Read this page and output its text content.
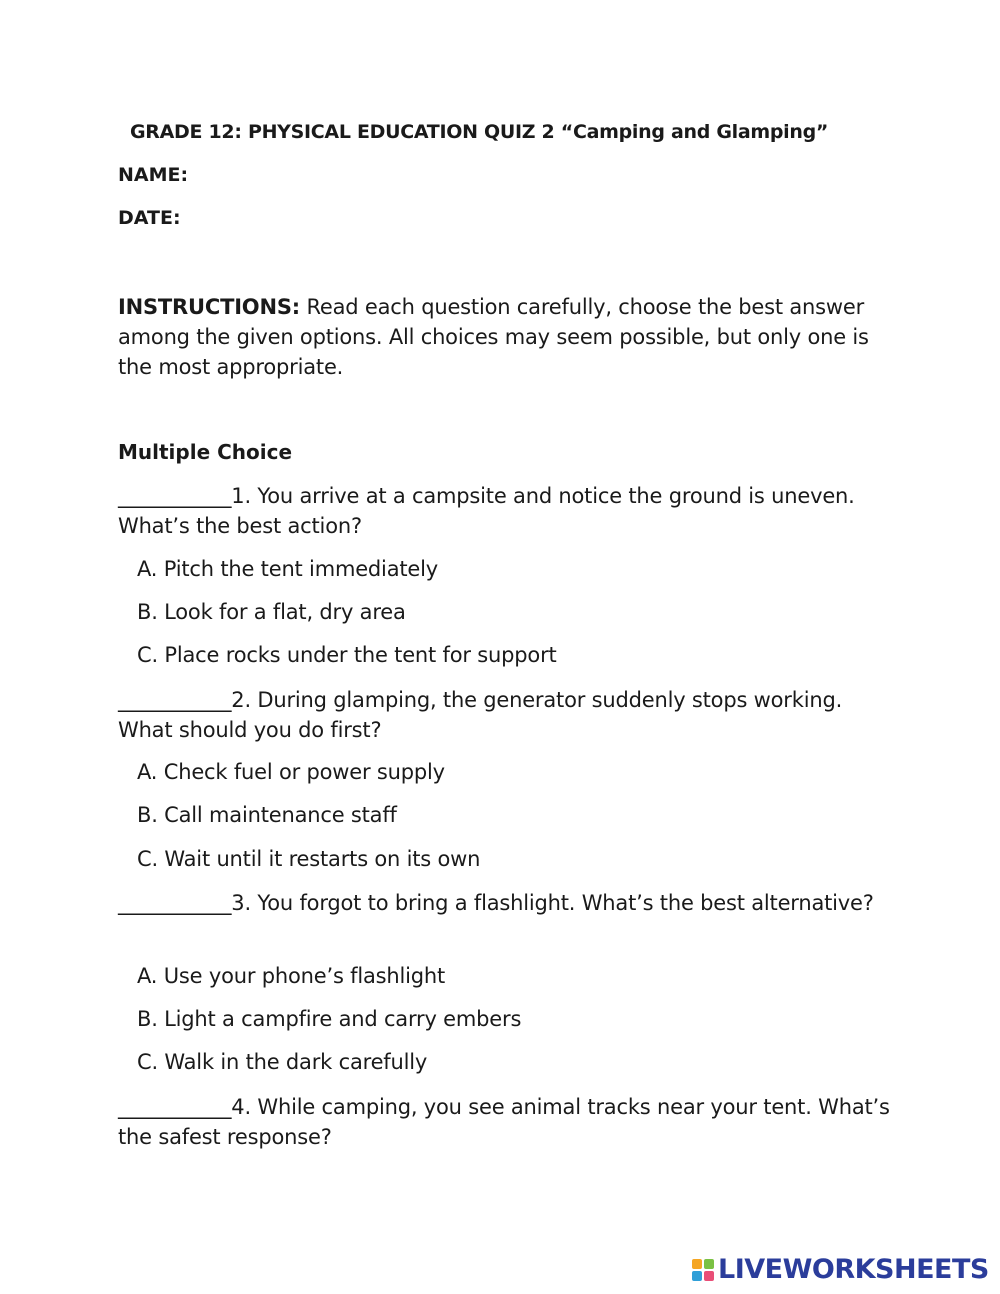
GRADE 12: PHYSICAL EDUCATION QUIZ 2 “Camping and Glamping”
NAME:
DATE:
INSTRUCTIONS: Read each question carefully, choose the best answer among the given options. All choices may seem possible, but only one is the most appropriate.
Multiple Choice
___________1. You arrive at a campsite and notice the ground is uneven. What’s the best action?
A. Pitch the tent immediately
B. Look for a flat, dry area
C. Place rocks under the tent for support
___________2. During glamping, the generator suddenly stops working. What should you do first?
A. Check fuel or power supply
B. Call maintenance staff
C. Wait until it restarts on its own
___________3. You forgot to bring a flashlight. What’s the best alternative?
A. Use your phone’s flashlight
B. Light a campfire and carry embers
C. Walk in the dark carefully
___________4. While camping, you see animal tracks near your tent. What’s the safest response?
LIVEWORKSHEETS
